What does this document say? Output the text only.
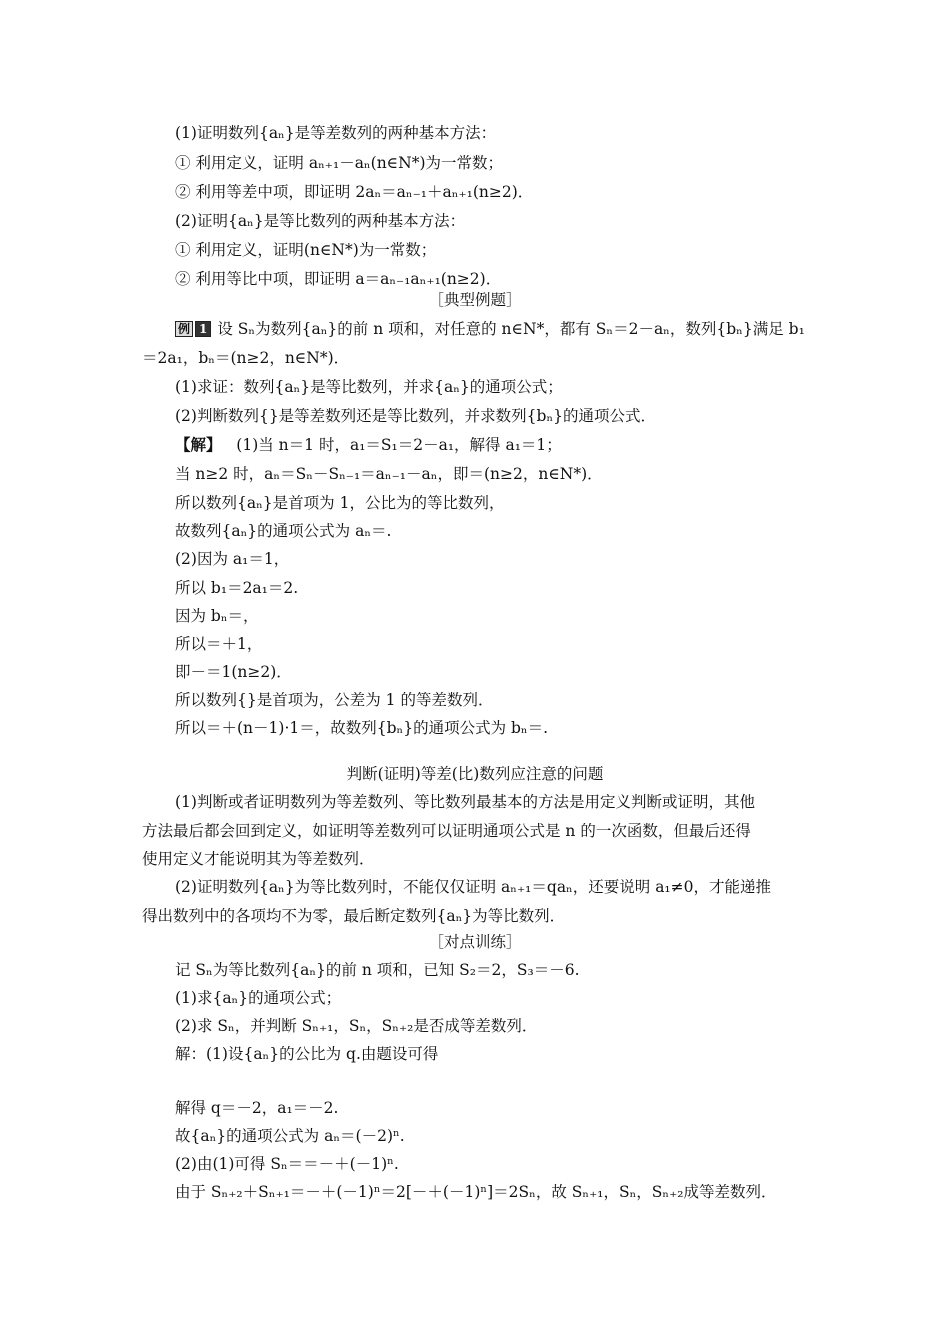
(1)证明数列{aₙ}是等差数列的两种基本方法：
① 利用定义，证明 aₙ₊₁－aₙ(n∈N*)为一常数；
② 利用等差中项，即证明 2aₙ＝aₙ₋₁＋aₙ₊₁(n≥2)．
(2)证明{aₙ}是等比数列的两种基本方法：
① 利用定义，证明(n∈N*)为一常数；
② 利用等比中项，即证明 a＝aₙ₋₁aₙ₊₁(n≥2)．
［典型例题］
例 1 设 Sₙ为数列{aₙ}的前 n 项和，对任意的 n∈N*，都有 Sₙ＝2－aₙ，数列{bₙ}满足 b₁
＝2a₁，bₙ＝(n≥2，n∈N*)．
(1)求证：数列{aₙ}是等比数列，并求{aₙ}的通项公式；
(2)判断数列{}是等差数列还是等比数列，并求数列{bₙ}的通项公式．
【解】 (1)当 n＝1 时，a₁＝S₁＝2－a₁，解得 a₁＝1；
当 n≥2 时，aₙ＝Sₙ－Sₙ₋₁＝aₙ₋₁－aₙ，即＝(n≥2，n∈N*)．
所以数列{aₙ}是首项为 1，公比为的等比数列，
故数列{aₙ}的通项公式为 aₙ＝.
(2)因为 a₁＝1，
所以 b₁＝2a₁＝2.
因为 bₙ＝，
所以＝＋1，
即－＝1(n≥2)．
所以数列{}是首项为，公差为 1 的等差数列．
所以＝＋(n－1)·1＝，故数列{bₙ}的通项公式为 bₙ＝.
判断(证明)等差(比)数列应注意的问题
(1)判断或者证明数列为等差数列、等比数列最基本的方法是用定义判断或证明，其他
方法最后都会回到定义，如证明等差数列可以证明通项公式是 n 的一次函数，但最后还得
使用定义才能说明其为等差数列．
(2)证明数列{aₙ}为等比数列时，不能仅仅证明 aₙ₊₁＝qaₙ，还要说明 a₁≠0，才能递推
得出数列中的各项均不为零，最后断定数列{aₙ}为等比数列．
［对点训练］
记 Sₙ为等比数列{aₙ}的前 n 项和，已知 S₂＝2，S₃＝－6.
(1)求{aₙ}的通项公式；
(2)求 Sₙ，并判断 Sₙ₊₁，Sₙ，Sₙ₊₂是否成等差数列．
解：(1)设{aₙ}的公比为 q.由题设可得
解得 q＝－2，a₁＝－2.
故{aₙ}的通项公式为 aₙ＝(－2)ⁿ.
(2)由(1)可得 Sₙ＝＝－＋(－1)ⁿ.
由于 Sₙ₊₂＋Sₙ₊₁＝－＋(－1)ⁿ＝2[－＋(－1)ⁿ]＝2Sₙ，故 Sₙ₊₁，Sₙ，Sₙ₊₂成等差数列．
